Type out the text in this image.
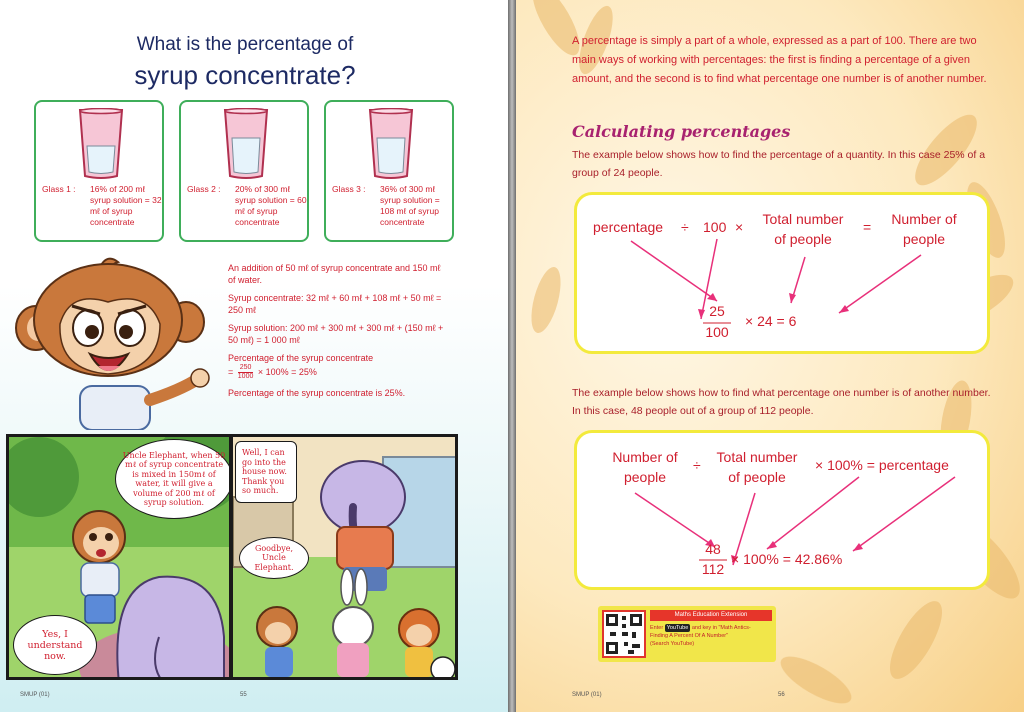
What is the percentage of
syrup concentrate?
Glass 1 : 16% of 200 mℓ syrup solution = 32 mℓ of syrup concentrate
Glass 2 : 20% of 300 mℓ syrup solution = 60 mℓ of syrup concentrate
Glass 3 : 36% of 300 mℓ syrup solution = 108 mℓ of syrup concentrate

An addition of 50 mℓ of syrup concentrate and 150 mℓ of water.

Syrup concentrate: 32 mℓ + 60 mℓ + 108 mℓ + 50 mℓ = 250 mℓ

Syrup solution: 200 mℓ + 300 mℓ + 300 mℓ + (150 mℓ + 50 mℓ) = 1 000 mℓ

Percentage of the syrup concentrate

= $\frac{250}{1000} \times 100\% = 25\%$

Percentage of the syrup concentrate is 25%.

Uncle Elephant, when 50 mℓ of syrup concentrate is mixed in 150mℓ of water, it will give a volume of 200 mℓ of syrup solution.
Yes, I understand now.
Well, I can go into the house now. Thank you so much.
Goodbye, Uncle Elephant.
SMUP (01)	55
A percentage is simply a part of a whole, expressed as a part of 100. There are two main ways of working with percentages: the first is finding a percentage of a given amount, and the second is to find what percentage one number is of another number.
Calculating percentages
The example below shows how to find the percentage of a quantity. In this case 25% of a group of 24 people.
percentage ÷ 100 ×	Total number
of people
=	Number of
people
25
100
× 24 = 6
The example below shows how to find what percentage one number is of another number. In this case, 48 people out of a group of 112 people.
Number of
people
÷	Total number
of people
× 100% = percentage
48
112
× 100% = 42.86%
Maths Education Extension
Enter YouTube and key in "Math Antics-
Finding A Percent Of A Number"
(Search YouTube)
SMUP (01)	56
